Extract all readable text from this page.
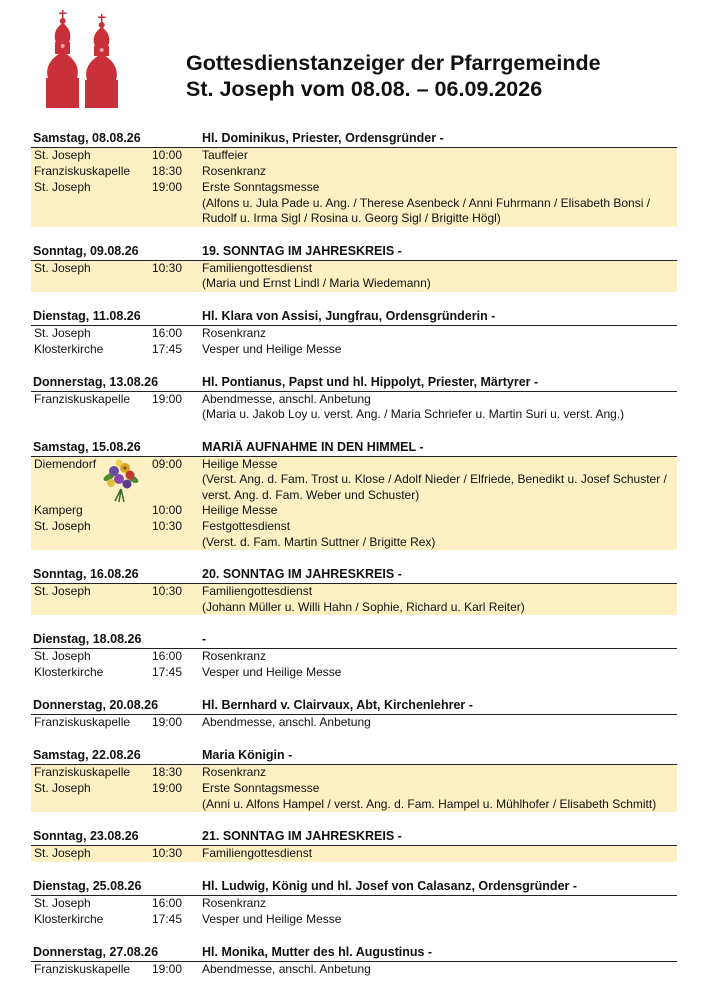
Gottesdienstanzeiger der Pfarrgemeinde
St. Joseph vom 08.08. – 06.09.2026
Samstag, 08.08.26	Hl. Dominikus, Priester, Ordensgründer -
St. Joseph	10:00 Tauffeier
Franziskuskapelle 18:30 Rosenkranz
St. Joseph	19:00 Erste Sonntagsmesse
(Alfons u. Jula Pade u. Ang. / Therese Asenbeck / Anni Fuhrmann / Elisabeth Bonsi /
Rudolf u. Irma Sigl / Rosina u. Georg Sigl / Brigitte Högl)
Sonntag, 09.08.26	19. SONNTAG IM JAHRESKREIS -
St. Joseph	10:30 Familiengottesdienst
(Maria und Ernst Lindl / Maria Wiedemann)
Dienstag, 11.08.26	Hl. Klara von Assisi, Jungfrau, Ordensgründerin -
St. Joseph	16:00 Rosenkranz
Klosterkirche	17:45 Vesper und Heilige Messe
Donnerstag, 13.08.26	Hl. Pontianus, Papst und hl. Hippolyt, Priester, Märtyrer -
Franziskuskapelle 19:00 Abendmesse, anschl. Anbetung
(Maria u. Jakob Loy u. verst. Ang. / Maria Schriefer u. Martin Suri u. verst. Ang.)
Samstag, 15.08.26	MARIÄ AUFNAHME IN DEN HIMMEL -
Diemendorf	09:00 Heilige Messe
(Verst. Ang. d. Fam. Trost u. Klose / Adolf Nieder / Elfriede, Benedikt u. Josef Schuster /
verst. Ang. d. Fam. Weber und Schuster)
Kamperg	10:00 Heilige Messe
St. Joseph	10:30 Festgottesdienst
(Verst. d. Fam. Martin Suttner / Brigitte Rex)
Sonntag, 16.08.26	20. SONNTAG IM JAHRESKREIS -
St. Joseph	10:30 Familiengottesdienst
(Johann Müller u. Willi Hahn / Sophie, Richard u. Karl Reiter)
Dienstag, 18.08.26	-
St. Joseph	16:00 Rosenkranz
Klosterkirche	17:45 Vesper und Heilige Messe
Donnerstag, 20.08.26	Hl. Bernhard v. Clairvaux, Abt, Kirchenlehrer -
Franziskuskapelle 19:00 Abendmesse, anschl. Anbetung
Samstag, 22.08.26	Maria Königin -
Franziskuskapelle 18:30 Rosenkranz
St. Joseph	19:00 Erste Sonntagsmesse
(Anni u. Alfons Hampel / verst. Ang. d. Fam. Hampel u. Mühlhofer / Elisabeth Schmitt)
Sonntag, 23.08.26	21. SONNTAG IM JAHRESKREIS -
St. Joseph	10:30 Familiengottesdienst
Dienstag, 25.08.26	Hl. Ludwig, König und hl. Josef von Calasanz, Ordensgründer -
St. Joseph	16:00 Rosenkranz
Klosterkirche	17:45 Vesper und Heilige Messe
Donnerstag, 27.08.26	Hl. Monika, Mutter des hl. Augustinus -
Franziskuskapelle 19:00 Abendmesse, anschl. Anbetung
